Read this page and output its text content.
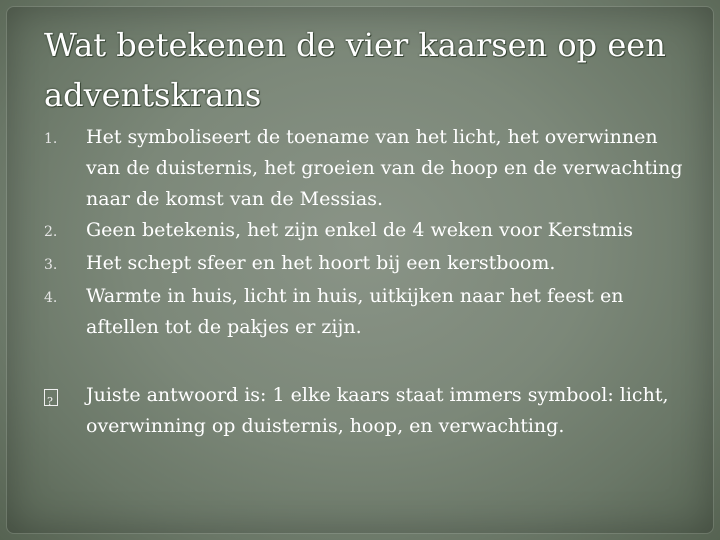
Wat betekenen de vier kaarsen op een adventskrans
1.	Het symboliseert de toename van het licht, het overwinnen van de duisternis, het groeien van de hoop en de verwachting naar de komst van de Messias.
2.	Geen betekenis, het zijn enkel de 4 weken voor Kerstmis
3.	Het schept sfeer en het hoort bij een kerstboom.
4.	Warmte in huis, licht in huis, uitkijken naar het feest en aftellen tot de pakjes er zijn.
?
Juiste antwoord is: 1 elke kaars staat immers symbool: licht, overwinning op duisternis, hoop, en verwachting.
